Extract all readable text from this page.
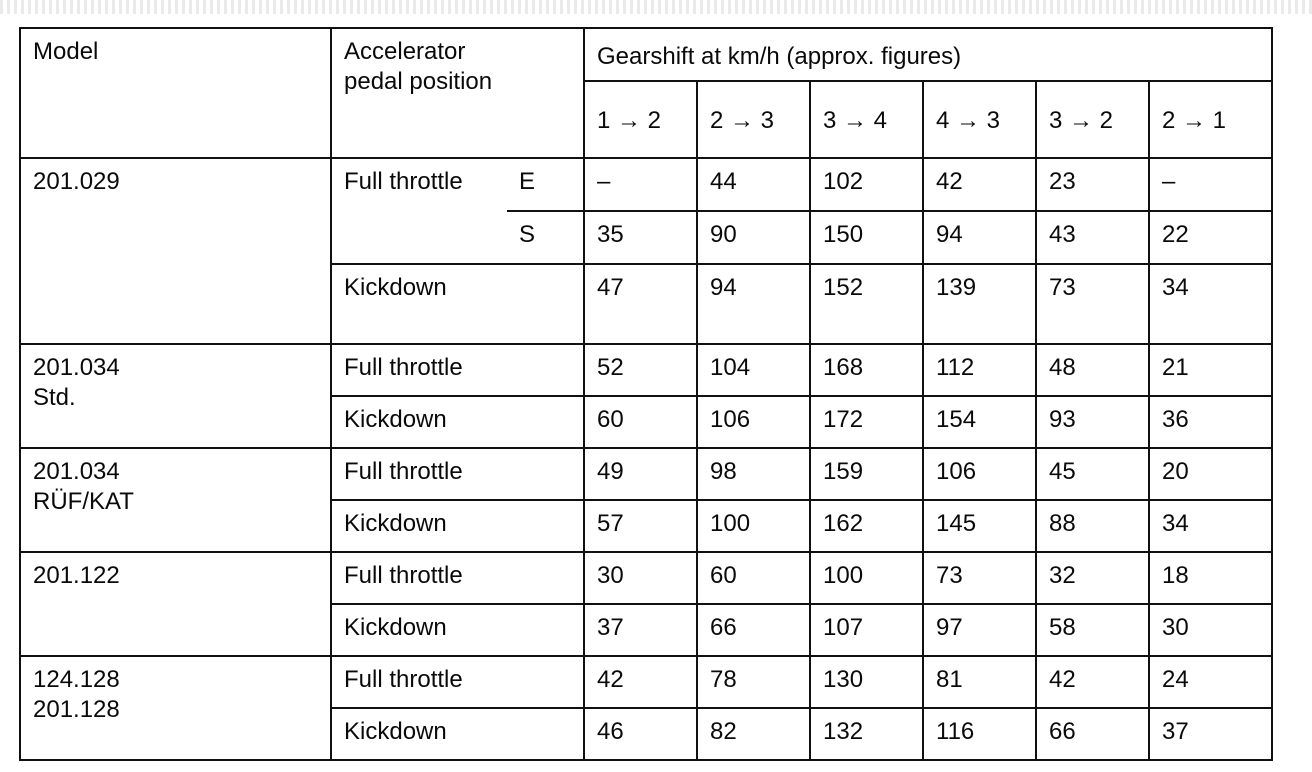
Model	Accelerator
pedal position		Gearshift at km/h (approx. figures)					
			1 → 2	2 → 3	3 → 4	4 → 3	3 → 2	2 → 1
201.029	Full throttle	E	–	44	102	42	23	–
		S	35	90	150	94	43	22
	Kickdown		47	94	152	139	73	34

201.034
Std.	Full throttle		52	104	168	112	48	21
	Kickdown		60	106	172	154	93	36

201.034
RÜF/KAT	Full throttle		49	98	159	106	45	20
	Kickdown		57	100	162	145	88	34
201.122	Full throttle		30	60	100	73	32	18
	Kickdown		37	66	107	97	58	30

124.128
201.128	Full throttle		42	78	130	81	42	24
	Kickdown		46	82	132	116	66	37
